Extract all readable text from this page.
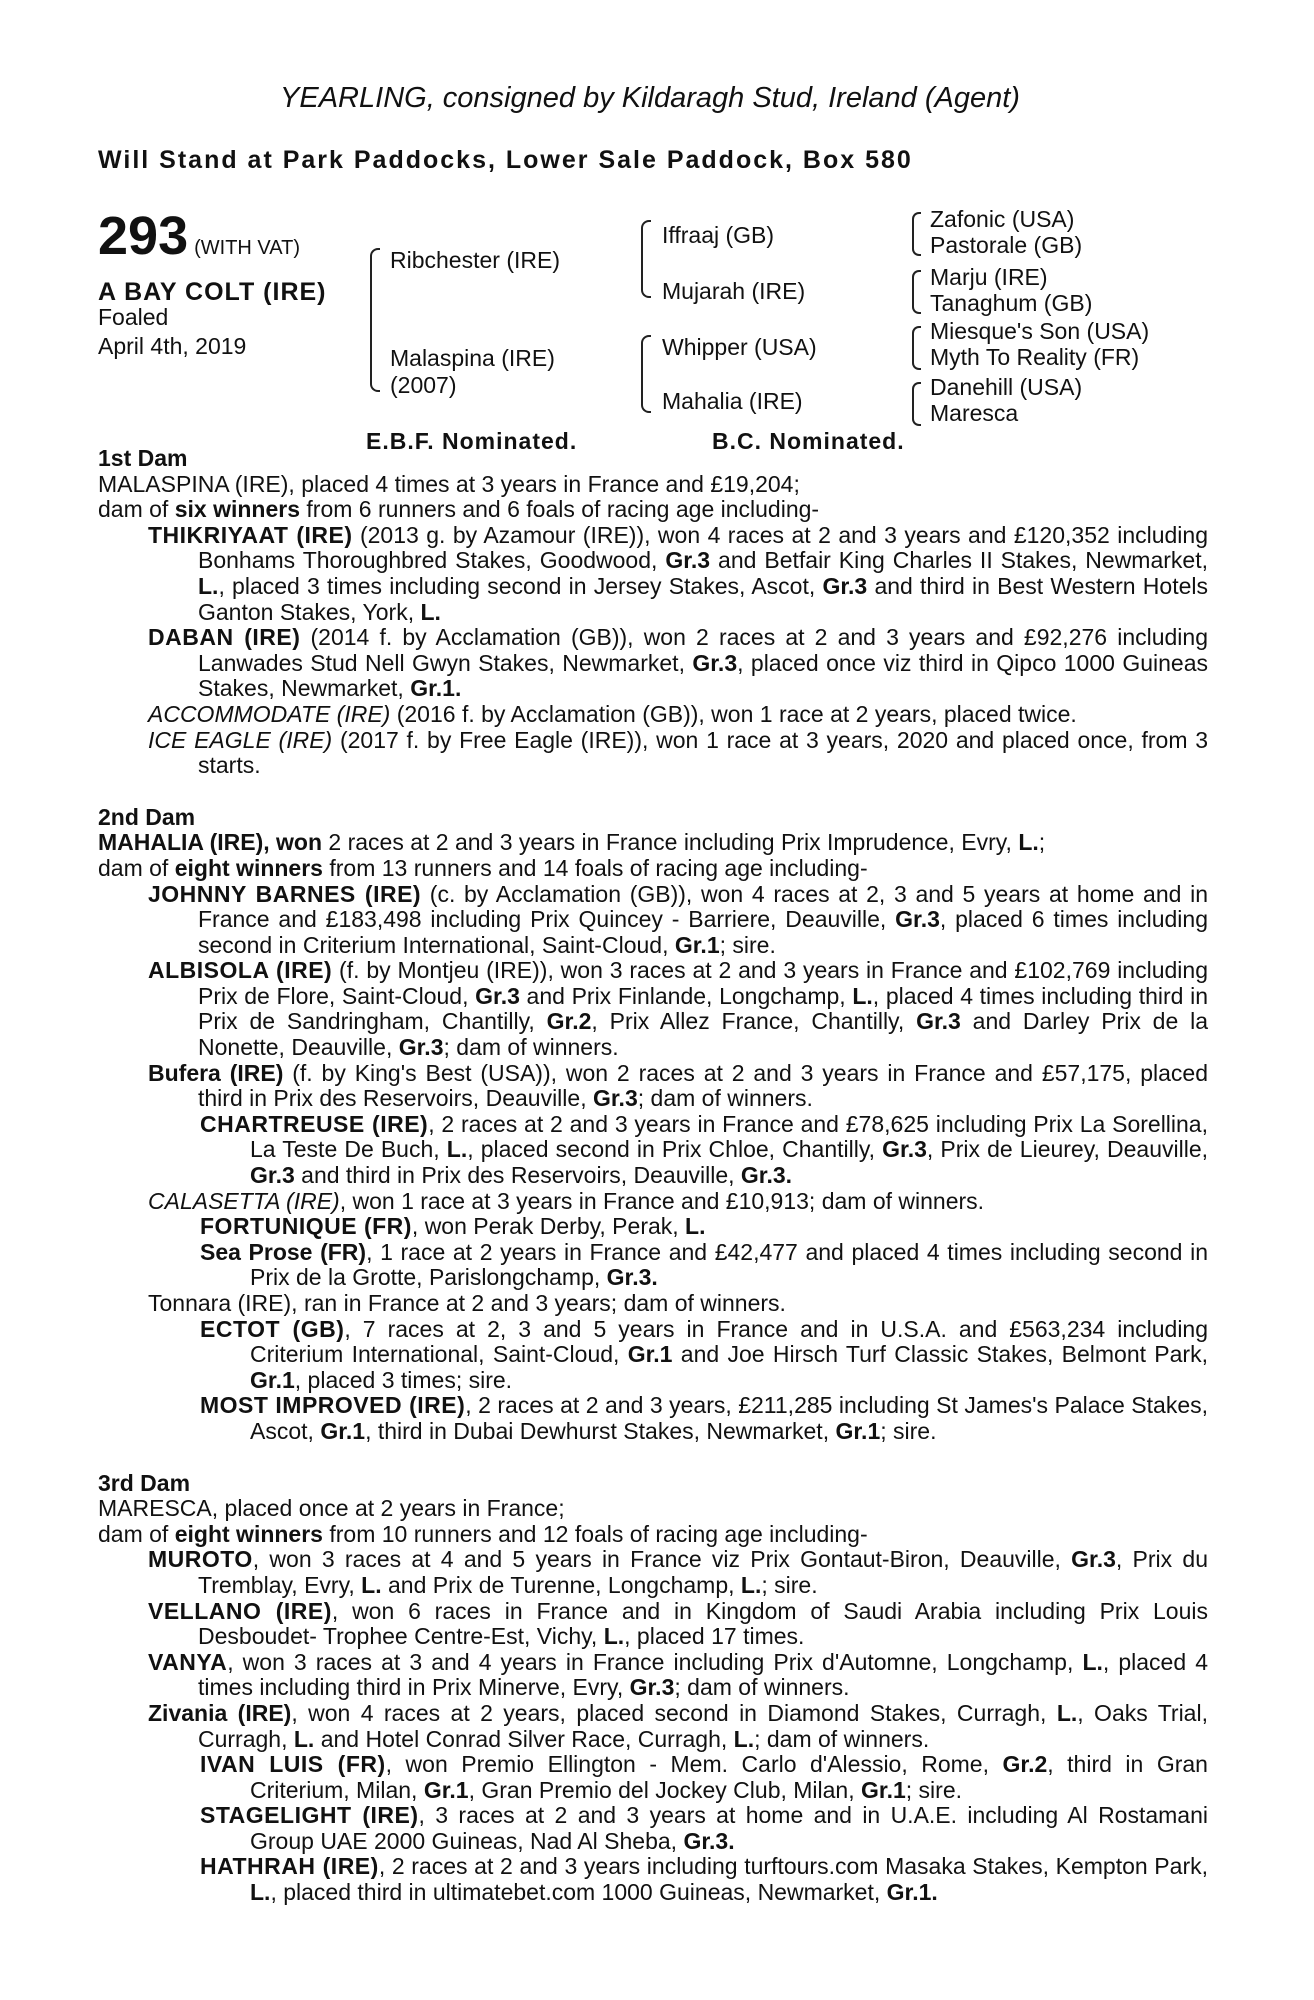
YEARLING, consigned by Kildaragh Stud, Ireland (Agent)
Will Stand at Park Paddocks, Lower Sale Paddock, Box 580
293 (WITH VAT)
A BAY COLT (IRE)
Foaled
April 4th, 2019
Ribchester (IRE)
Malaspina (IRE)
(2007)
Iffraaj (GB)
Mujarah (IRE)
Whipper (USA)
Mahalia (IRE)
Zafonic (USA)
Pastorale (GB)
Marju (IRE)
Tanaghum (GB)
Miesque's Son (USA)
Myth To Reality (FR)
Danehill (USA)
Maresca
E.B.F. Nominated.	B.C. Nominated.

1st Dam

MALASPINA (IRE), placed 4 times at 3 years in France and £19,204;

dam of six winners from 6 runners and 6 foals of racing age including-

THIKRIYAAT (IRE) (2013 g. by Azamour (IRE)), won 4 races at 2 and 3 years and £120,352 including Bonhams Thoroughbred Stakes, Goodwood, Gr.3 and Betfair King Charles II Stakes, Newmarket, L., placed 3 times including second in Jersey Stakes, Ascot, Gr.3 and third in Best Western Hotels Ganton Stakes, York, L.

DABAN (IRE) (2014 f. by Acclamation (GB)), won 2 races at 2 and 3 years and £92,276 including Lanwades Stud Nell Gwyn Stakes, Newmarket, Gr.3, placed once viz third in Qipco 1000 Guineas Stakes, Newmarket, Gr.1.

ACCOMMODATE (IRE) (2016 f. by Acclamation (GB)), won 1 race at 2 years, placed twice.

ICE EAGLE (IRE) (2017 f. by Free Eagle (IRE)), won 1 race at 3 years, 2020 and placed once, from 3 starts.

2nd Dam

MAHALIA (IRE), won 2 races at 2 and 3 years in France including Prix Imprudence, Evry, L.;

dam of eight winners from 13 runners and 14 foals of racing age including-

JOHNNY BARNES (IRE) (c. by Acclamation (GB)), won 4 races at 2, 3 and 5 years at home and in France and £183,498 including Prix Quincey - Barriere, Deauville, Gr.3, placed 6 times including second in Criterium International, Saint-Cloud, Gr.1; sire.

ALBISOLA (IRE) (f. by Montjeu (IRE)), won 3 races at 2 and 3 years in France and £102,769 including Prix de Flore, Saint-Cloud, Gr.3 and Prix Finlande, Longchamp, L., placed 4 times including third in Prix de Sandringham, Chantilly, Gr.2, Prix Allez France, Chantilly, Gr.3 and Darley Prix de la Nonette, Deauville, Gr.3; dam of winners.

Bufera (IRE) (f. by King's Best (USA)), won 2 races at 2 and 3 years in France and £57,175, placed third in Prix des Reservoirs, Deauville, Gr.3; dam of winners.

CHARTREUSE (IRE), 2 races at 2 and 3 years in France and £78,625 including Prix La Sorellina, La Teste De Buch, L., placed second in Prix Chloe, Chantilly, Gr.3, Prix de Lieurey, Deauville, Gr.3 and third in Prix des Reservoirs, Deauville, Gr.3.

CALASETTA (IRE), won 1 race at 3 years in France and £10,913; dam of winners.

FORTUNIQUE (FR), won Perak Derby, Perak, L.

Sea Prose (FR), 1 race at 2 years in France and £42,477 and placed 4 times including second in Prix de la Grotte, Parislongchamp, Gr.3.

Tonnara (IRE), ran in France at 2 and 3 years; dam of winners.

ECTOT (GB), 7 races at 2, 3 and 5 years in France and in U.S.A. and £563,234 including Criterium International, Saint-Cloud, Gr.1 and Joe Hirsch Turf Classic Stakes, Belmont Park, Gr.1, placed 3 times; sire.

MOST IMPROVED (IRE), 2 races at 2 and 3 years, £211,285 including St James's Palace Stakes, Ascot, Gr.1, third in Dubai Dewhurst Stakes, Newmarket, Gr.1; sire.

3rd Dam

MARESCA, placed once at 2 years in France;

dam of eight winners from 10 runners and 12 foals of racing age including-

MUROTO, won 3 races at 4 and 5 years in France viz Prix Gontaut-Biron, Deauville, Gr.3, Prix du Tremblay, Evry, L. and Prix de Turenne, Longchamp, L.; sire.

VELLANO (IRE), won 6 races in France and in Kingdom of Saudi Arabia including Prix Louis Desboudet- Trophee Centre-Est, Vichy, L., placed 17 times.

VANYA, won 3 races at 3 and 4 years in France including Prix d'Automne, Longchamp, L., placed 4 times including third in Prix Minerve, Evry, Gr.3; dam of winners.

Zivania (IRE), won 4 races at 2 years, placed second in Diamond Stakes, Curragh, L., Oaks Trial, Curragh, L. and Hotel Conrad Silver Race, Curragh, L.; dam of winners.

IVAN LUIS (FR), won Premio Ellington - Mem. Carlo d'Alessio, Rome, Gr.2, third in Gran Criterium, Milan, Gr.1, Gran Premio del Jockey Club, Milan, Gr.1; sire.

STAGELIGHT (IRE), 3 races at 2 and 3 years at home and in U.A.E. including Al Rostamani Group UAE 2000 Guineas, Nad Al Sheba, Gr.3.

HATHRAH (IRE), 2 races at 2 and 3 years including turftours.com Masaka Stakes, Kempton Park, L., placed third in ultimatebet.com 1000 Guineas, Newmarket, Gr.1.
